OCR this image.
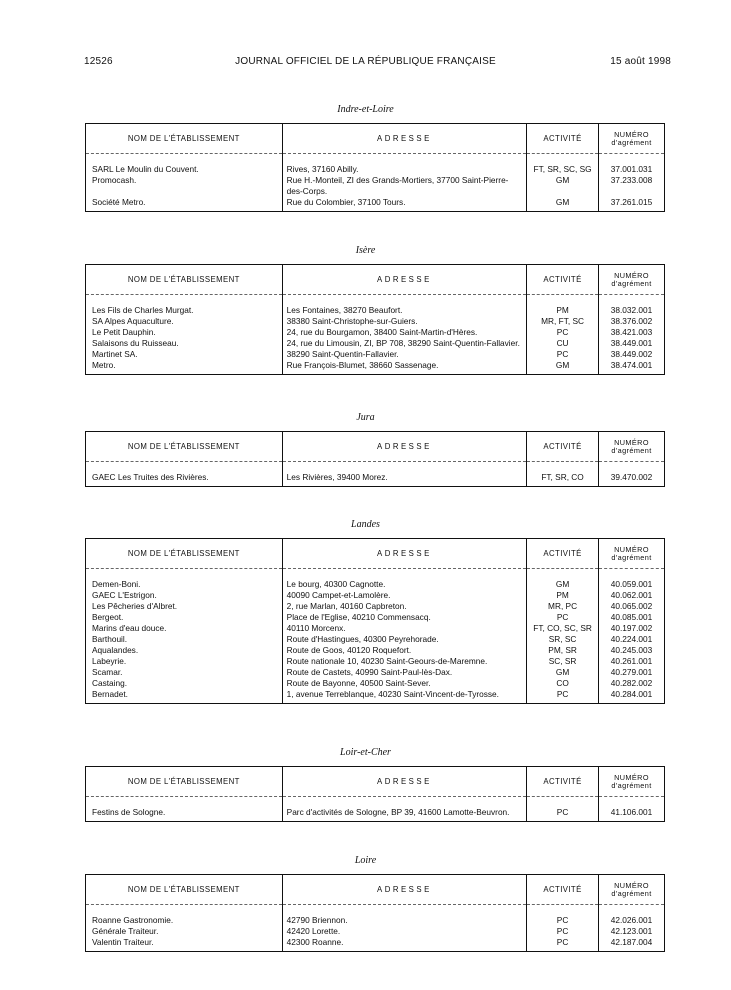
12526	JOURNAL OFFICIEL DE LA RÉPUBLIQUE FRANÇAISE	15 août 1998
Indre-et-Loire
NOM DE L'ÉTABLISSEMENT	ADRESSE	ACTIVITÉ	NUMÉRO
d'agrément

SARL Le Moulin du Couvent.	Rives, 37160 Abilly.	FT, SR, SC, SG	37.001.031
Promocash.	Rue H.-Monteil, ZI des Grands-Mortiers, 37700 Saint-Pierre-des-Corps.	GM	37.233.008
Société Metro.	Rue du Colombier, 37100 Tours.	GM	37.261.015

Isère
NOM DE L'ÉTABLISSEMENT	ADRESSE	ACTIVITÉ	NUMÉRO
d'agrément

Les Fils de Charles Murgat.	Les Fontaines, 38270 Beaufort.	PM	38.032.001
SA Alpes Aquaculture.	38380 Saint-Christophe-sur-Guiers.	MR, FT, SC	38.376.002
Le Petit Dauphin.	24, rue du Bourgamon, 38400 Saint-Martin-d'Hères.	PC	38.421.003
Salaisons du Ruisseau.	24, rue du Limousin, ZI, BP 708, 38290 Saint-Quentin-Fallavier.	CU	38.449.001
Martinet SA.	38290 Saint-Quentin-Fallavier.	PC	38.449.002
Metro.	Rue François-Blumet, 38660 Sassenage.	GM	38.474.001

Jura
NOM DE L'ÉTABLISSEMENT	ADRESSE	ACTIVITÉ	NUMÉRO
d'agrément

GAEC Les Truites des Rivières.	Les Rivières, 39400 Morez.	FT, SR, CO	39.470.002

Landes
NOM DE L'ÉTABLISSEMENT	ADRESSE	ACTIVITÉ	NUMÉRO
d'agrément

Demen-Boni.	Le bourg, 40300 Cagnotte.	GM	40.059.001
GAEC L'Estrigon.	40090 Campet-et-Lamolère.	PM	40.062.001
Les Pêcheries d'Albret.	2, rue Marlan, 40160 Capbreton.	MR, PC	40.065.002
Bergeot.	Place de l'Eglise, 40210 Commensacq.	PC	40.085.001
Marins d'eau douce.	40110 Morcenx.	FT, CO, SC, SR	40.197.002
Barthouil.	Route d'Hastingues, 40300 Peyrehorade.	SR, SC	40.224.001
Aqualandes.	Route de Goos, 40120 Roquefort.	PM, SR	40.245.003
Labeyrie.	Route nationale 10, 40230 Saint-Geours-de-Maremne.	SC, SR	40.261.001
Scamar.	Route de Castets, 40990 Saint-Paul-lès-Dax.	GM	40.279.001
Castaing.	Route de Bayonne, 40500 Saint-Sever.	CO	40.282.002
Bernadet.	1, avenue Terreblanque, 40230 Saint-Vincent-de-Tyrosse.	PC	40.284.001

Loir-et-Cher
NOM DE L'ÉTABLISSEMENT	ADRESSE	ACTIVITÉ	NUMÉRO
d'agrément

Festins de Sologne.	Parc d'activités de Sologne, BP 39, 41600 Lamotte-Beuvron.	PC	41.106.001

Loire
NOM DE L'ÉTABLISSEMENT	ADRESSE	ACTIVITÉ	NUMÉRO
d'agrément

Roanne Gastronomie.	42790 Briennon.	PC	42.026.001
Générale Traiteur.	42420 Lorette.	PC	42.123.001
Valentin Traiteur.	42300 Roanne.	PC	42.187.004
